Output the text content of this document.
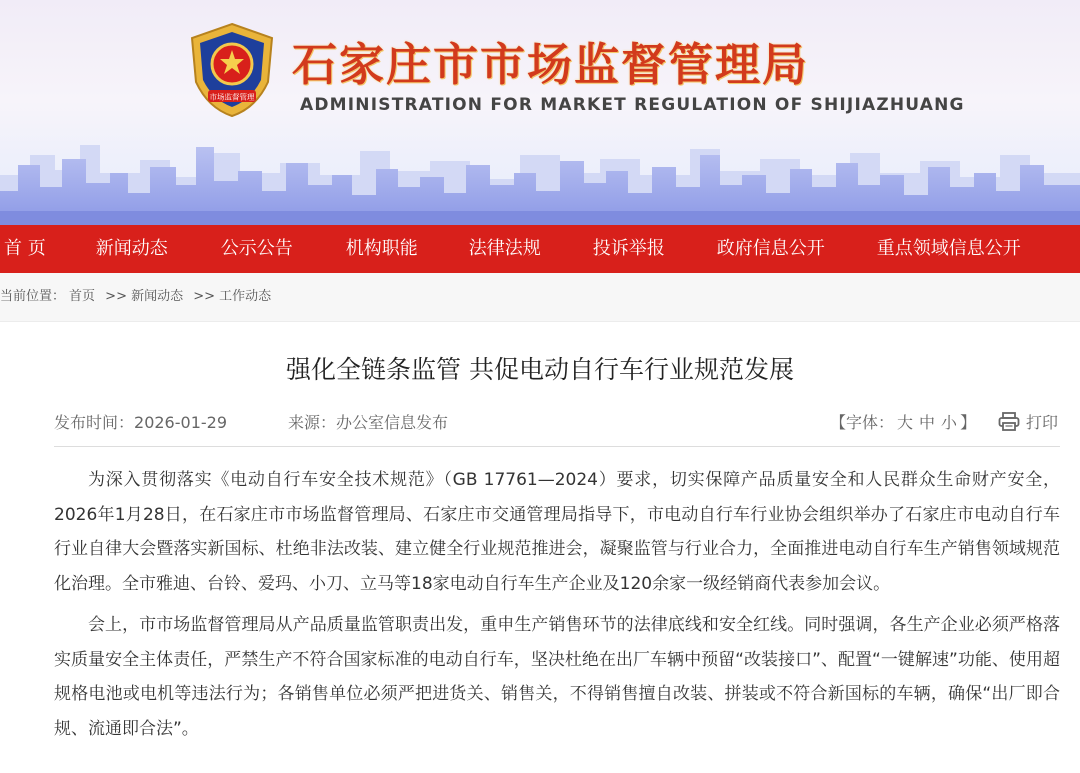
市场监督管理
石家庄市市场监督管理局
ADMINISTRATION FOR MARKET REGULATION OF SHIJIAZHUANG
首 页	新闻动态	公示公告	机构职能	法律法规	投诉举报	政府信息公开	重点领域信息公开
当前位置： 首页 >> 新闻动态 >> 工作动态
强化全链条监管 共促电动自行车行业规范发展
发布时间：2026-01-29	来源：办公室信息发布	【字体： 大 中 小 】	打印

为深入贯彻落实《电动自行车安全技术规范》（GB 17761—2024）要求，切实保障产品质量安全和人民群众生命财产安全，2026年1月28日，在石家庄市市场监督管理局、石家庄市交通管理局指导下，市电动自行车行业协会组织举办了石家庄市电动自行车行业自律大会暨落实新国标、杜绝非法改装、建立健全行业规范推进会，凝聚监管与行业合力，全面推进电动自行车生产销售领域规范化治理。全市雅迪、台铃、爱玛、小刀、立马等18家电动自行车生产企业及120余家一级经销商代表参加会议。

会上，市市场监督管理局从产品质量监管职责出发，重申生产销售环节的法律底线和安全红线。同时强调，各生产企业必须严格落实质量安全主体责任，严禁生产不符合国家标准的电动自行车，坚决杜绝在出厂车辆中预留“改装接口”、配置“一键解速”功能、使用超规格电池或电机等违法行为；各销售单位必须严把进货关、销售关，不得销售擅自改装、拼装或不符合新国标的车辆，确保“出厂即合规、流通即合法”。
